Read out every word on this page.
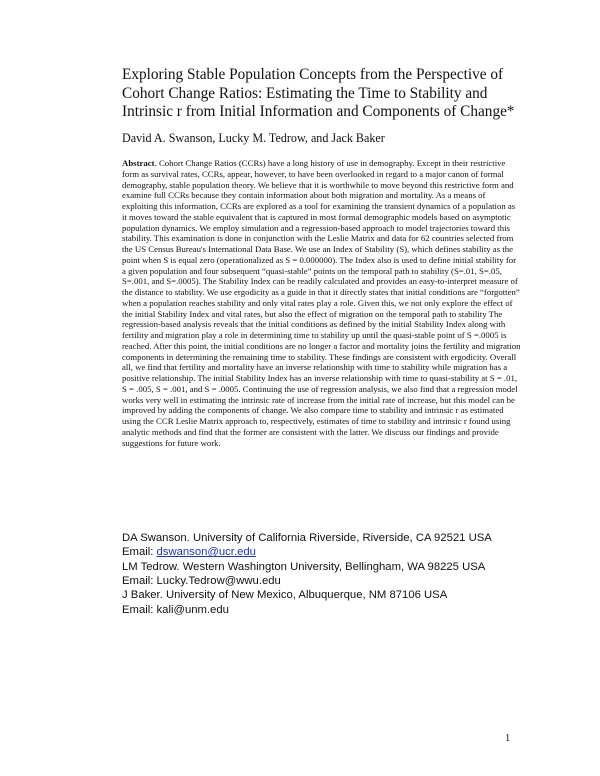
Exploring Stable Population Concepts from the Perspective of Cohort Change Ratios: Estimating the Time to Stability and Intrinsic r from Initial Information and Components of Change*
David A. Swanson, Lucky M. Tedrow, and Jack Baker
Abstract. Cohort Change Ratios (CCRs) have a long history of use in demography. Except in their restrictive form as survival rates, CCRs, appear, however, to have been overlooked in regard to a major canon of formal demography, stable population theory. We believe that it is worthwhile to move beyond this restrictive form and examine full CCRs because they contain information about both migration and mortality. As a means of exploiting this information, CCRs are explored as a tool for examining the transient dynamics of a population as it moves toward the stable equivalent that is captured in most formal demographic models based on asymptotic population dynamics. We employ simulation and a regression-based approach to model trajectories toward this stability. This examination is done in conjunction with the Leslie Matrix and data for 62 countries selected from the US Census Bureau's International Data Base. We use an Index of Stability (S), which defines stability as the point when S is equal zero (operationalized as S = 0.000000). The Index also is used to define initial stability for a given population and four subsequent “quasi-stable” points on the temporal path to stability (S=.01, S=.05, S=.001, and S=.0005). The Stability Index can be readily calculated and provides an easy-to-interpret measure of the distance to stability. We use ergodicity as a guide in that it directly states that initial conditions are “forgotten” when a population reaches stability and only vital rates play a role. Given this, we not only explore the effect of the initial Stability Index and vital rates, but also the effect of migration on the temporal path to stability The regression-based analysis reveals that the initial conditions as defined by the initial Stability Index along with fertility and migration play a role in determining time to stability up until the quasi-stable point of S =.0005 is reached. After this point, the initial conditions are no longer a factor and mortality joins the fertility and migration components in determining the remaining time to stability. These findings are consistent with ergodicity. Overall all, we find that fertility and mortality have an inverse relationship with time to stability while migration has a positive relationship. The initial Stability Index has an inverse relationship with time to quasi-stability at S = .01, S = .005, S = .001, and S = .0005. Continuing the use of regression analysis, we also find that a regression model works very well in estimating the intrinsic rate of increase from the initial rate of increase, but this model can be improved by adding the components of change. We also compare time to stability and intrinsic r as estimated using the CCR Leslie Matrix approach to, respectively, estimates of time to stability and intrinsic r found using analytic methods and find that the former are consistent with the latter. We discuss our findings and provide suggestions for future work.
DA Swanson. University of California Riverside, Riverside, CA 92521 USA
Email: dswanson@ucr.edu
LM Tedrow. Western Washington University, Bellingham, WA 98225 USA
Email: Lucky.Tedrow@wwu.edu
J Baker. University of New Mexico, Albuquerque, NM 87106 USA
Email: kali@unm.edu
1
